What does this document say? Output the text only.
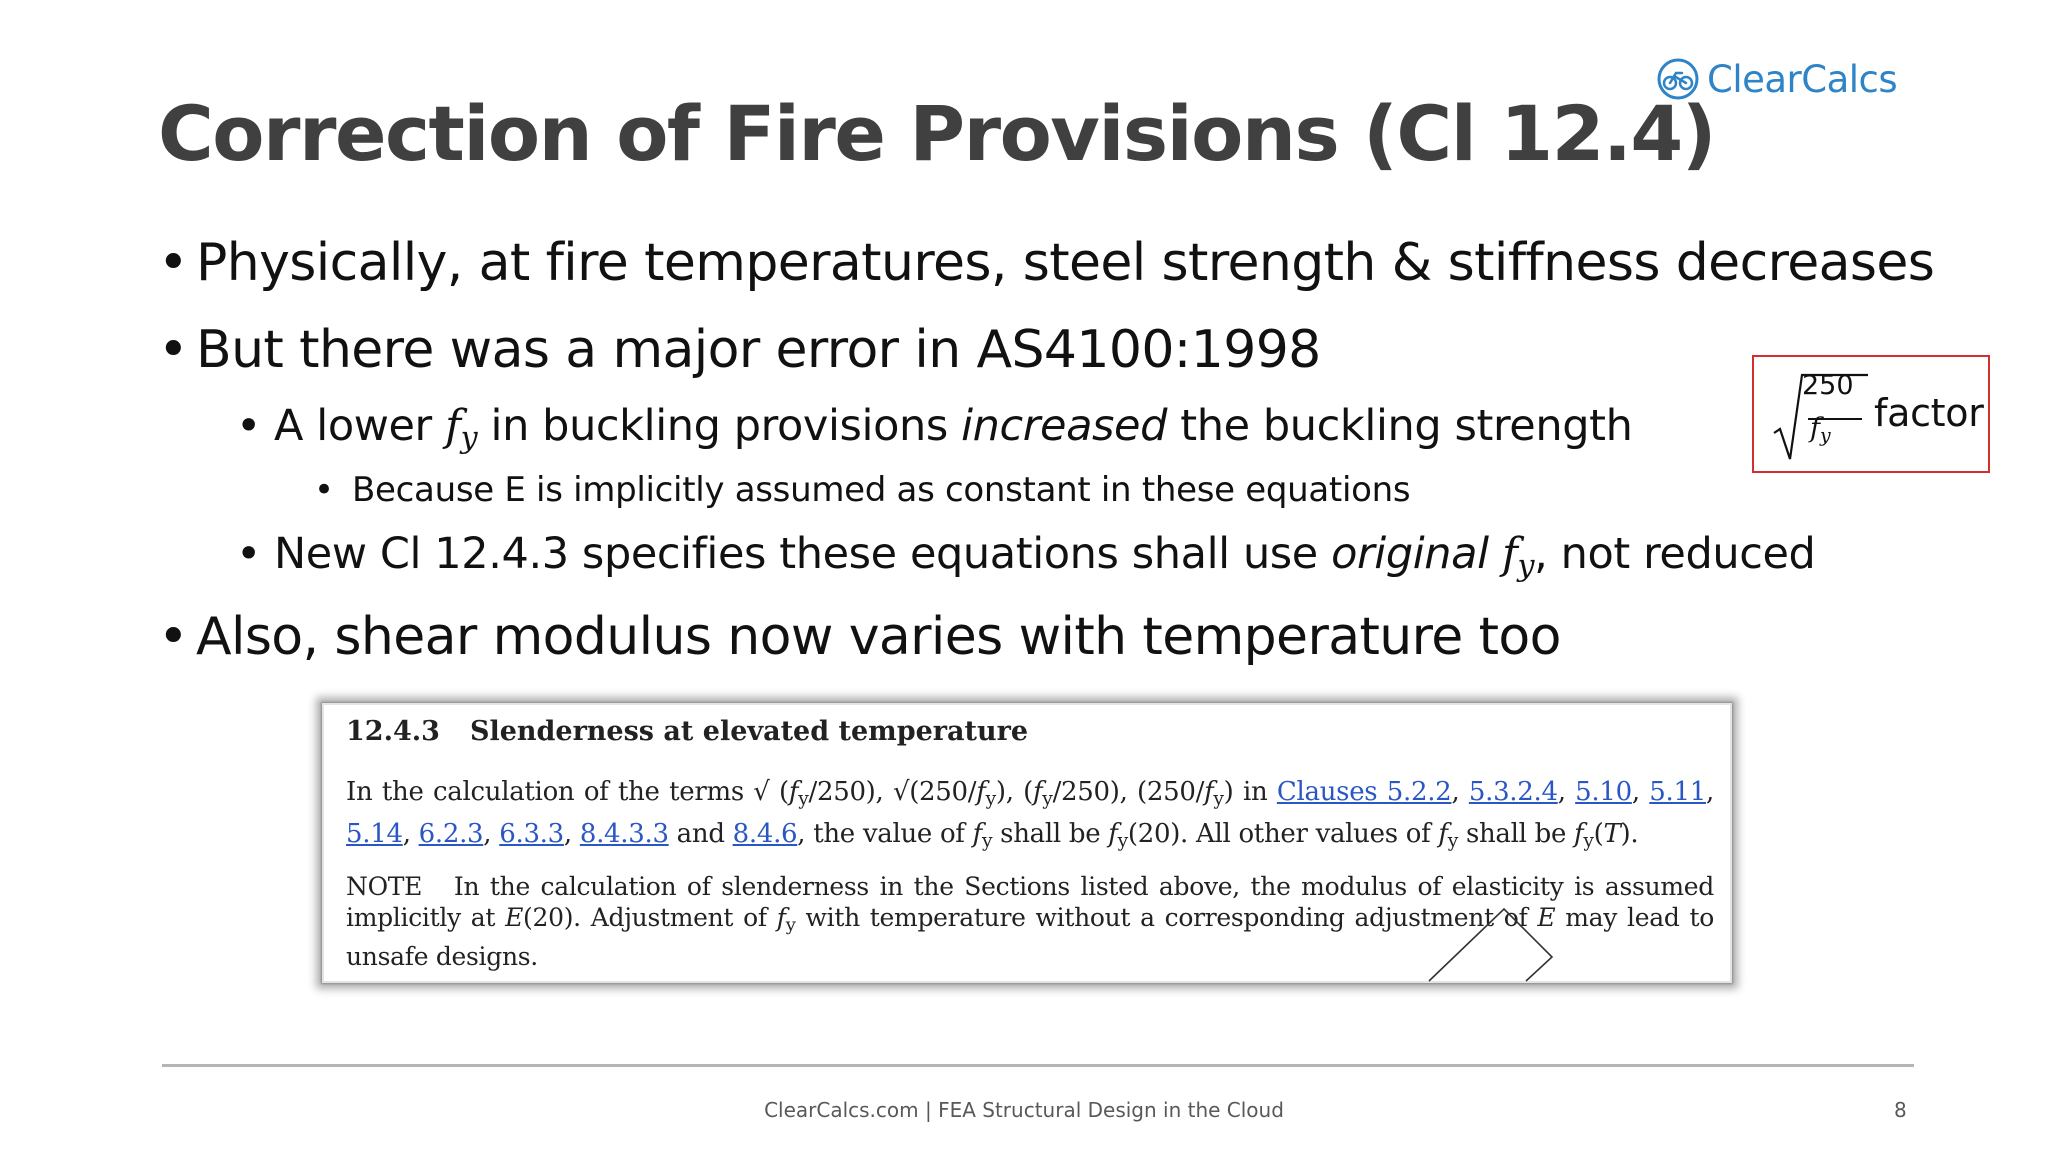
ClearCalcs
Correction of Fire Provisions (Cl 12.4)
• Physically, at fire temperatures, steel strength & stiffness decreases
• But there was a major error in AS4100:1998
• A lower $f_y$ in buckling provisions increased the buckling strength
• Because E is implicitly assumed as constant in these equations
• New Cl 12.4.3 specifies these equations shall use original $f_y$, not reduced
• Also, shear modulus now varies with temperature too
250
$f_y$
factor
12.4.3 Slenderness at elevated temperature
In the calculation of the terms √ $(f_y/250)$, $√(250/f_y)$, $(f_y/250)$, $(250/f_y)$ in Clauses 5.2.2, 5.3.2.4, 5.10, 5.11, 5.14, 6.2.3, 6.3.3, 8.4.3.3 and 8.4.6, the value of $f_y$ shall be $f_y(20)$. All other values of $f_y$ shall be $f_y(T)$.
NOTE In the calculation of slenderness in the Sections listed above, the modulus of elasticity is assumed implicitly at E(20). Adjustment of $f_y$ with temperature without a corresponding adjustment of E may lead to unsafe designs.
ClearCalcs.com | FEA Structural Design in the Cloud	8
